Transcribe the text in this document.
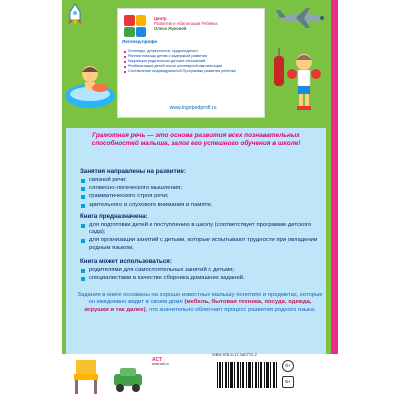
Логопед-профи
Центр
Развития и Абилитации Ребёнка
Олеси Жуковой
Логопеды, дефектологи, сурдопедагоги
Ранняя помощь детям с задержкой развития
Коррекция родительско-детских отношений
Реабилитация детей после кохлеарной имплантации
Составление индивидуальной Программы развития ребенка
www.logopedprofi.ru
Грамотная речь — это основа развития всех познавательных способностей малыша, залог его успешного обучения в школе!
Занятия направлены на развитие:
связной речи;
словесно-логического мышления;
грамматического строя речи;
зрительного и слухового внимания и памяти.
Книга предназначена:
для подготовки детей к поступлению в школу (соответствует программе детского сада);
для организации занятий с детьми, которые испытывают трудности при овладении родным языком.
Книга может использоваться:
родителями для самостоятельных занятий с детьми;
специалистами в качестве сборника домашних заданий.
Задания в книге основаны на хорошо известных малышу понятиях и предметах, которые он ежедневно видит в своем доме (мебель, бытовая техника, посуда, одежда, игрушки и так далее), что значительно облегчает процесс развития родного языка.
АСТ
www.ast.ru
ISBN 978-5-17-160772-2
0+
6+
